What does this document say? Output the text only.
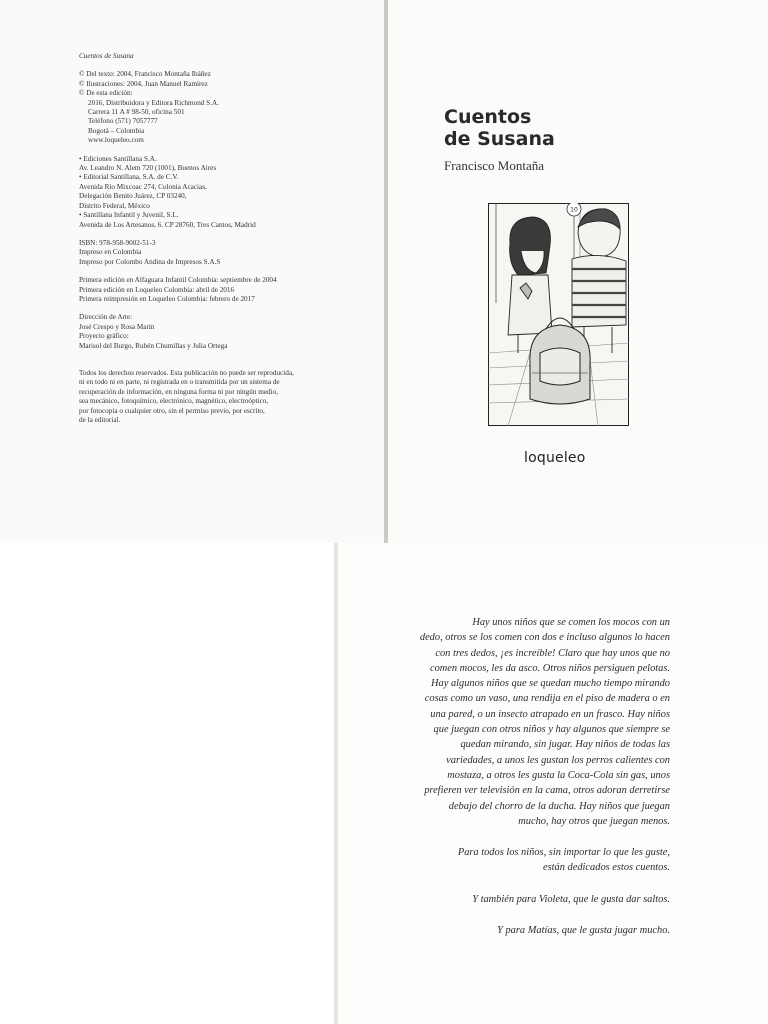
Cuentos de Susana
© Del texto: 2004, Francisco Montaña Ibáñez
© Ilustraciones: 2004, Juan Manuel Ramírez
© De esta edición:
2016, Distribuidora y Editora Richmond S.A.
Carrera 11 A # 98-50, oficina 501
Teléfono (571) 7057777
Bogotá – Colombia
www.loqueleo.com
• Ediciones Santillana S.A.
Av. Leandro N. Alem 720 (1001), Buenos Aires
• Editorial Santillana, S.A. de C.V.
Avenida Río Mixcoac 274, Colonia Acacias,
Delegación Benito Juárez, CP 03240,
Distrito Federal, México
• Santillana Infantil y Juvenil, S.L.
Avenida de Los Artesanos, 6. CP 28760, Tres Cantos, Madrid
ISBN: 978-958-9002-51-3
Impreso en Colombia
Impreso por Colombo Andina de Impresos S.A.S
Primera edición en Alfaguara Infantil Colombia: septiembre de 2004
Primera edición en Loqueleo Colombia: abril de 2016
Primera reimpresión en Loqueleo Colombia: febrero de 2017
Dirección de Arte:
José Crespo y Rosa Marín
Proyecto gráfico:
Marisol del Burgo, Rubén Chumillas y Julia Ortega
Todos los derechos reservados. Esta publicación no puede ser reproducida,
ni en todo ni en parte, ni registrada en o transmitida por un sistema de
recuperación de información, en ninguna forma ni por ningún medio,
sea mecánico, fotoquímico, electrónico, magnético, electroóptico,
por fotocopia o cualquier otro, sin el permiso previo, por escrito,
de la editorial.
Cuentos
de Susana
Francisco Montaña
10
loqueleo
Hay unos niños que se comen los mocos con un
dedo, otros se los comen con dos e incluso algunos lo hacen
con tres dedos, ¡es increíble! Claro que hay unos que no
comen mocos, les da asco. Otros niños persiguen pelotas.
Hay algunos niños que se quedan mucho tiempo mirando
cosas como un vaso, una rendija en el piso de madera o en
una pared, o un insecto atrapado en un frasco. Hay niños
que juegan con otros niños y hay algunos que siempre se
quedan mirando, sin jugar. Hay niños de todas las
variedades, a unos les gustan los perros calientes con
mostaza, a otros les gusta la Coca-Cola sin gas, unos
prefieren ver televisión en la cama, otros adoran derretirse
debajo del chorro de la ducha. Hay niños que juegan
mucho, hay otros que juegan menos.
Para todos los niños, sin importar lo que les guste,
están dedicados estos cuentos.
Y también para Violeta, que le gusta dar saltos.
Y para Matías, que le gusta jugar mucho.
